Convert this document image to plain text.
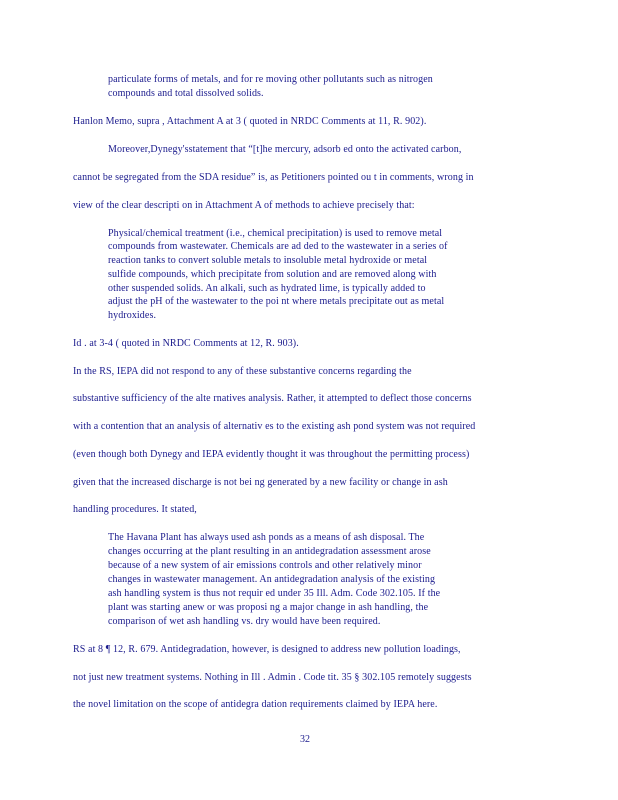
particulate forms of metals, and for re moving other pollutants such as nitrogen
compounds and total dissolved solids.
Hanlon Memo, supra , Attachment A at 3 ( quoted in NRDC Comments at 11, R. 902).
Moreover,Dynegy'sstatement that “[t]he mercury, adsorb ed onto the activated carbon,
cannot be segregated from the SDA residue” is, as Petitioners pointed ou t in comments, wrong in
view of the clear descripti on in Attachment A of methods to achieve precisely that:
Physical/chemical treatment (i.e., chemical precipitation) is used to remove metal
compounds from wastewater. Chemicals are ad ded to the wastewater in a series of
reaction tanks to convert soluble metals to insoluble metal hydroxide or metal
sulfide compounds, which precipitate from solution and are removed along with
other suspended solids. An alkali, such as hydrated lime, is typically added to
adjust the pH of the wastewater to the poi nt where metals precipitate out as metal
hydroxides.
Id . at 3-4 ( quoted in NRDC Comments at 12, R. 903).
In the RS, IEPA did not respond to any of these substantive concerns regarding the
substantive sufficiency of the alte rnatives analysis. Rather, it attempted to deflect those concerns
with a contention that an analysis of alternativ es to the existing ash pond system was not required
(even though both Dynegy and IEPA evidently thought it was throughout the permitting process)
given that the increased discharge is not bei ng generated by a new facility or change in ash
handling procedures. It stated,
The Havana Plant has always used ash ponds as a means of ash disposal. The
changes occurring at the plant resulting in an antidegradation assessment arose
because of a new system of air emissions controls and other relatively minor
changes in wastewater management. An antidegradation analysis of the existing
ash handling system is thus not requir ed under 35 Ill. Adm. Code 302.105. If the
plant was starting anew or was proposi ng a major change in ash handling, the
comparison of wet ash handling vs. dry would have been required.
RS at 8 ¶ 12, R. 679. Antidegradation, however, is designed to address new pollution loadings,
not just new treatment systems. Nothing in Ill . Admin . Code tit. 35 § 302.105 remotely suggests
the novel limitation on the scope of antidegra dation requirements claimed by IEPA here.
32
